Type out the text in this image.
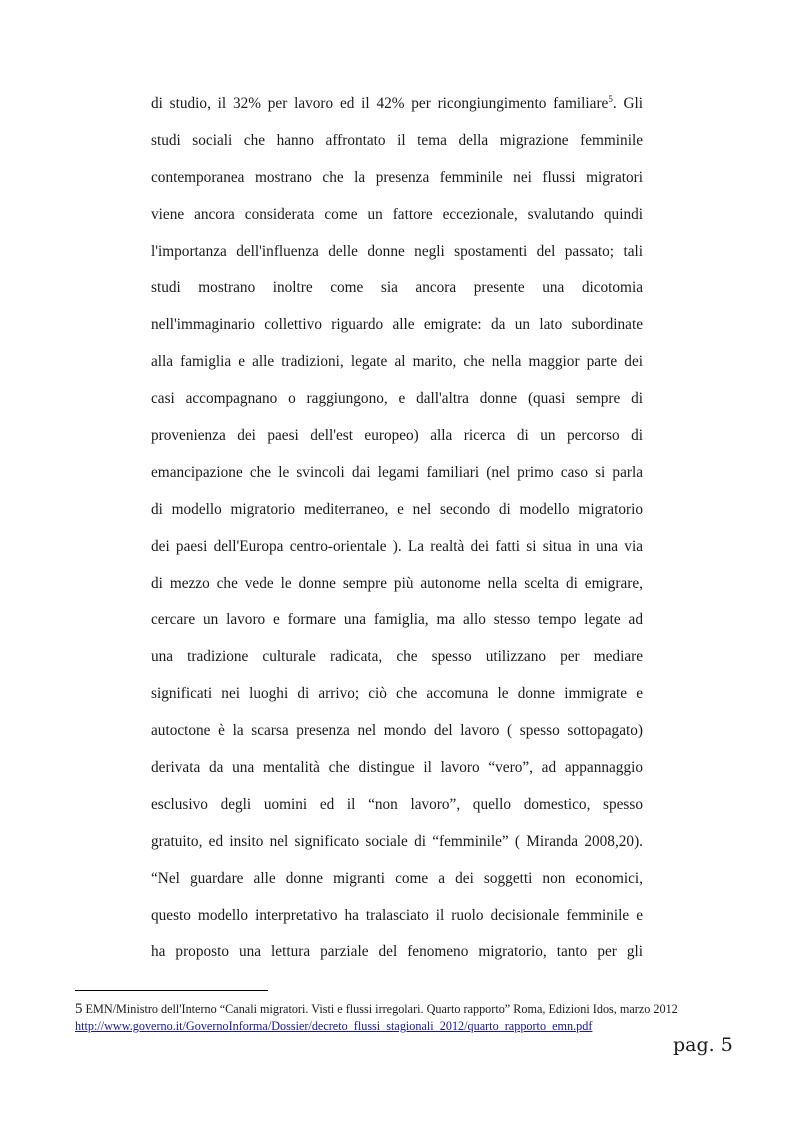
di studio, il 32% per lavoro ed il 42% per ricongiungimento familiare$^5$. Gli
studi sociali che hanno affrontato il tema della migrazione femminile
contemporanea mostrano che la presenza femminile nei flussi migratori
viene ancora considerata come un fattore eccezionale, svalutando quindi
l'importanza dell'influenza delle donne negli spostamenti del passato; tali
studi mostrano inoltre come sia ancora presente una dicotomia
nell'immaginario collettivo riguardo alle emigrate: da un lato subordinate
alla famiglia e alle tradizioni, legate al marito, che nella maggior parte dei
casi accompagnano o raggiungono, e dall'altra donne (quasi sempre di
provenienza dei paesi dell'est europeo) alla ricerca di un percorso di
emancipazione che le svincoli dai legami familiari (nel primo caso si parla
di modello migratorio mediterraneo, e nel secondo di modello migratorio
dei paesi dell'Europa centro-orientale ). La realtà dei fatti si situa in una via
di mezzo che vede le donne sempre più autonome nella scelta di emigrare,
cercare un lavoro e formare una famiglia, ma allo stesso tempo legate ad
una tradizione culturale radicata, che spesso utilizzano per mediare
significati nei luoghi di arrivo; ciò che accomuna le donne immigrate e
autoctone è la scarsa presenza nel mondo del lavoro ( spesso sottopagato)
derivata da una mentalità che distingue il lavoro “vero”, ad appannaggio
esclusivo degli uomini ed il “non lavoro”, quello domestico, spesso
gratuito, ed insito nel significato sociale di “femminile” ( Miranda 2008,20).
“Nel guardare alle donne migranti come a dei soggetti non economici,
questo modello interpretativo ha tralasciato il ruolo decisionale femminile e
ha proposto una lettura parziale del fenomeno migratorio, tanto per gli
5 EMN/Ministro dell'Interno “Canali migratori. Visti e flussi irregolari. Quarto rapporto” Roma, Edizioni Idos, marzo 2012 http://www.governo.it/GovernoInforma/Dossier/decreto_flussi_stagionali_2012/quarto_rapporto_emn.pdf
pag. 5
